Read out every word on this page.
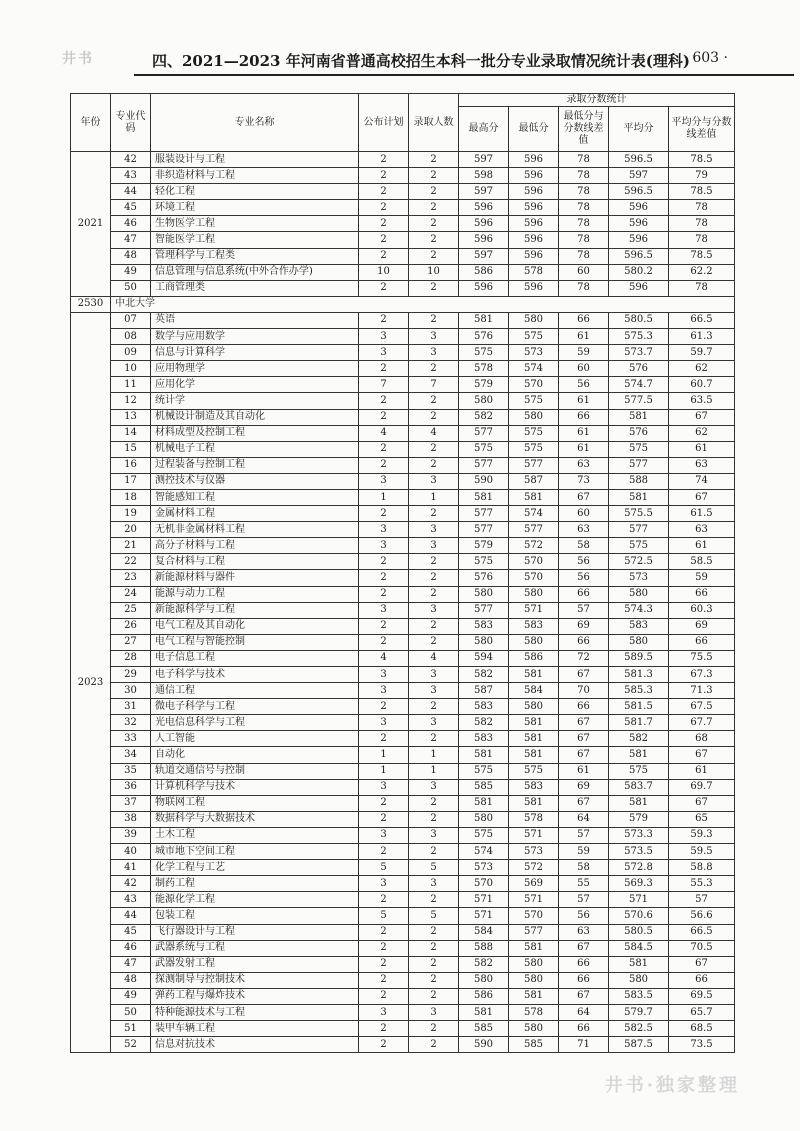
井书	四、2021—2023 年河南省普通高校招生本科一批分专业录取情况统计表(理科)
· 603 ·
年份	专业代码	专业名称	公布计划	录取人数	录取分数统计				
					最高分	最低分	最低分与分数线差值	平均分	平均分与分数线差值
2021	42	服装设计与工程	2	2	597	596	78	596.5	78.5
	43	非织造材料与工程	2	2	598	596	78	597	79
	44	轻化工程	2	2	597	596	78	596.5	78.5
	45	环境工程	2	2	596	596	78	596	78
	46	生物医学工程	2	2	596	596	78	596	78
	47	智能医学工程	2	2	596	596	78	596	78
	48	管理科学与工程类	2	2	597	596	78	596.5	78.5
	49	信息管理与信息系统(中外合作办学)	10	10	586	578	60	580.2	62.2
	50	工商管理类	2	2	596	596	78	596	78
2530	中北大学								
2023	07	英语	2	2	581	580	66	580.5	66.5
	08	数学与应用数学	3	3	576	575	61	575.3	61.3
	09	信息与计算科学	3	3	575	573	59	573.7	59.7
	10	应用物理学	2	2	578	574	60	576	62
	11	应用化学	7	7	579	570	56	574.7	60.7
	12	统计学	2	2	580	575	61	577.5	63.5
	13	机械设计制造及其自动化	2	2	582	580	66	581	67
	14	材料成型及控制工程	4	4	577	575	61	576	62
	15	机械电子工程	2	2	575	575	61	575	61
	16	过程装备与控制工程	2	2	577	577	63	577	63
	17	测控技术与仪器	3	3	590	587	73	588	74
	18	智能感知工程	1	1	581	581	67	581	67
	19	金属材料工程	2	2	577	574	60	575.5	61.5
	20	无机非金属材料工程	3	3	577	577	63	577	63
	21	高分子材料与工程	3	3	579	572	58	575	61
	22	复合材料与工程	2	2	575	570	56	572.5	58.5
	23	新能源材料与器件	2	2	576	570	56	573	59
	24	能源与动力工程	2	2	580	580	66	580	66
	25	新能源科学与工程	3	3	577	571	57	574.3	60.3
	26	电气工程及其自动化	2	2	583	583	69	583	69
	27	电气工程与智能控制	2	2	580	580	66	580	66
	28	电子信息工程	4	4	594	586	72	589.5	75.5
	29	电子科学与技术	3	3	582	581	67	581.3	67.3
	30	通信工程	3	3	587	584	70	585.3	71.3
	31	微电子科学与工程	2	2	583	580	66	581.5	67.5
	32	光电信息科学与工程	3	3	582	581	67	581.7	67.7
	33	人工智能	2	2	583	581	67	582	68
	34	自动化	1	1	581	581	67	581	67
	35	轨道交通信号与控制	1	1	575	575	61	575	61
	36	计算机科学与技术	3	3	585	583	69	583.7	69.7
	37	物联网工程	2	2	581	581	67	581	67
	38	数据科学与大数据技术	2	2	580	578	64	579	65
	39	土木工程	3	3	575	571	57	573.3	59.3
	40	城市地下空间工程	2	2	574	573	59	573.5	59.5
	41	化学工程与工艺	5	5	573	572	58	572.8	58.8
	42	制药工程	3	3	570	569	55	569.3	55.3
	43	能源化学工程	2	2	571	571	57	571	57
	44	包装工程	5	5	571	570	56	570.6	56.6
	45	飞行器设计与工程	2	2	584	577	63	580.5	66.5
	46	武器系统与工程	2	2	588	581	67	584.5	70.5
	47	武器发射工程	2	2	582	580	66	581	67
	48	探测制导与控制技术	2	2	580	580	66	580	66
	49	弹药工程与爆炸技术	2	2	586	581	67	583.5	69.5
	50	特种能源技术与工程	3	3	581	578	64	579.7	65.7
	51	装甲车辆工程	2	2	585	580	66	582.5	68.5
	52	信息对抗技术	2	2	590	585	71	587.5	73.5
井书·独家整理
